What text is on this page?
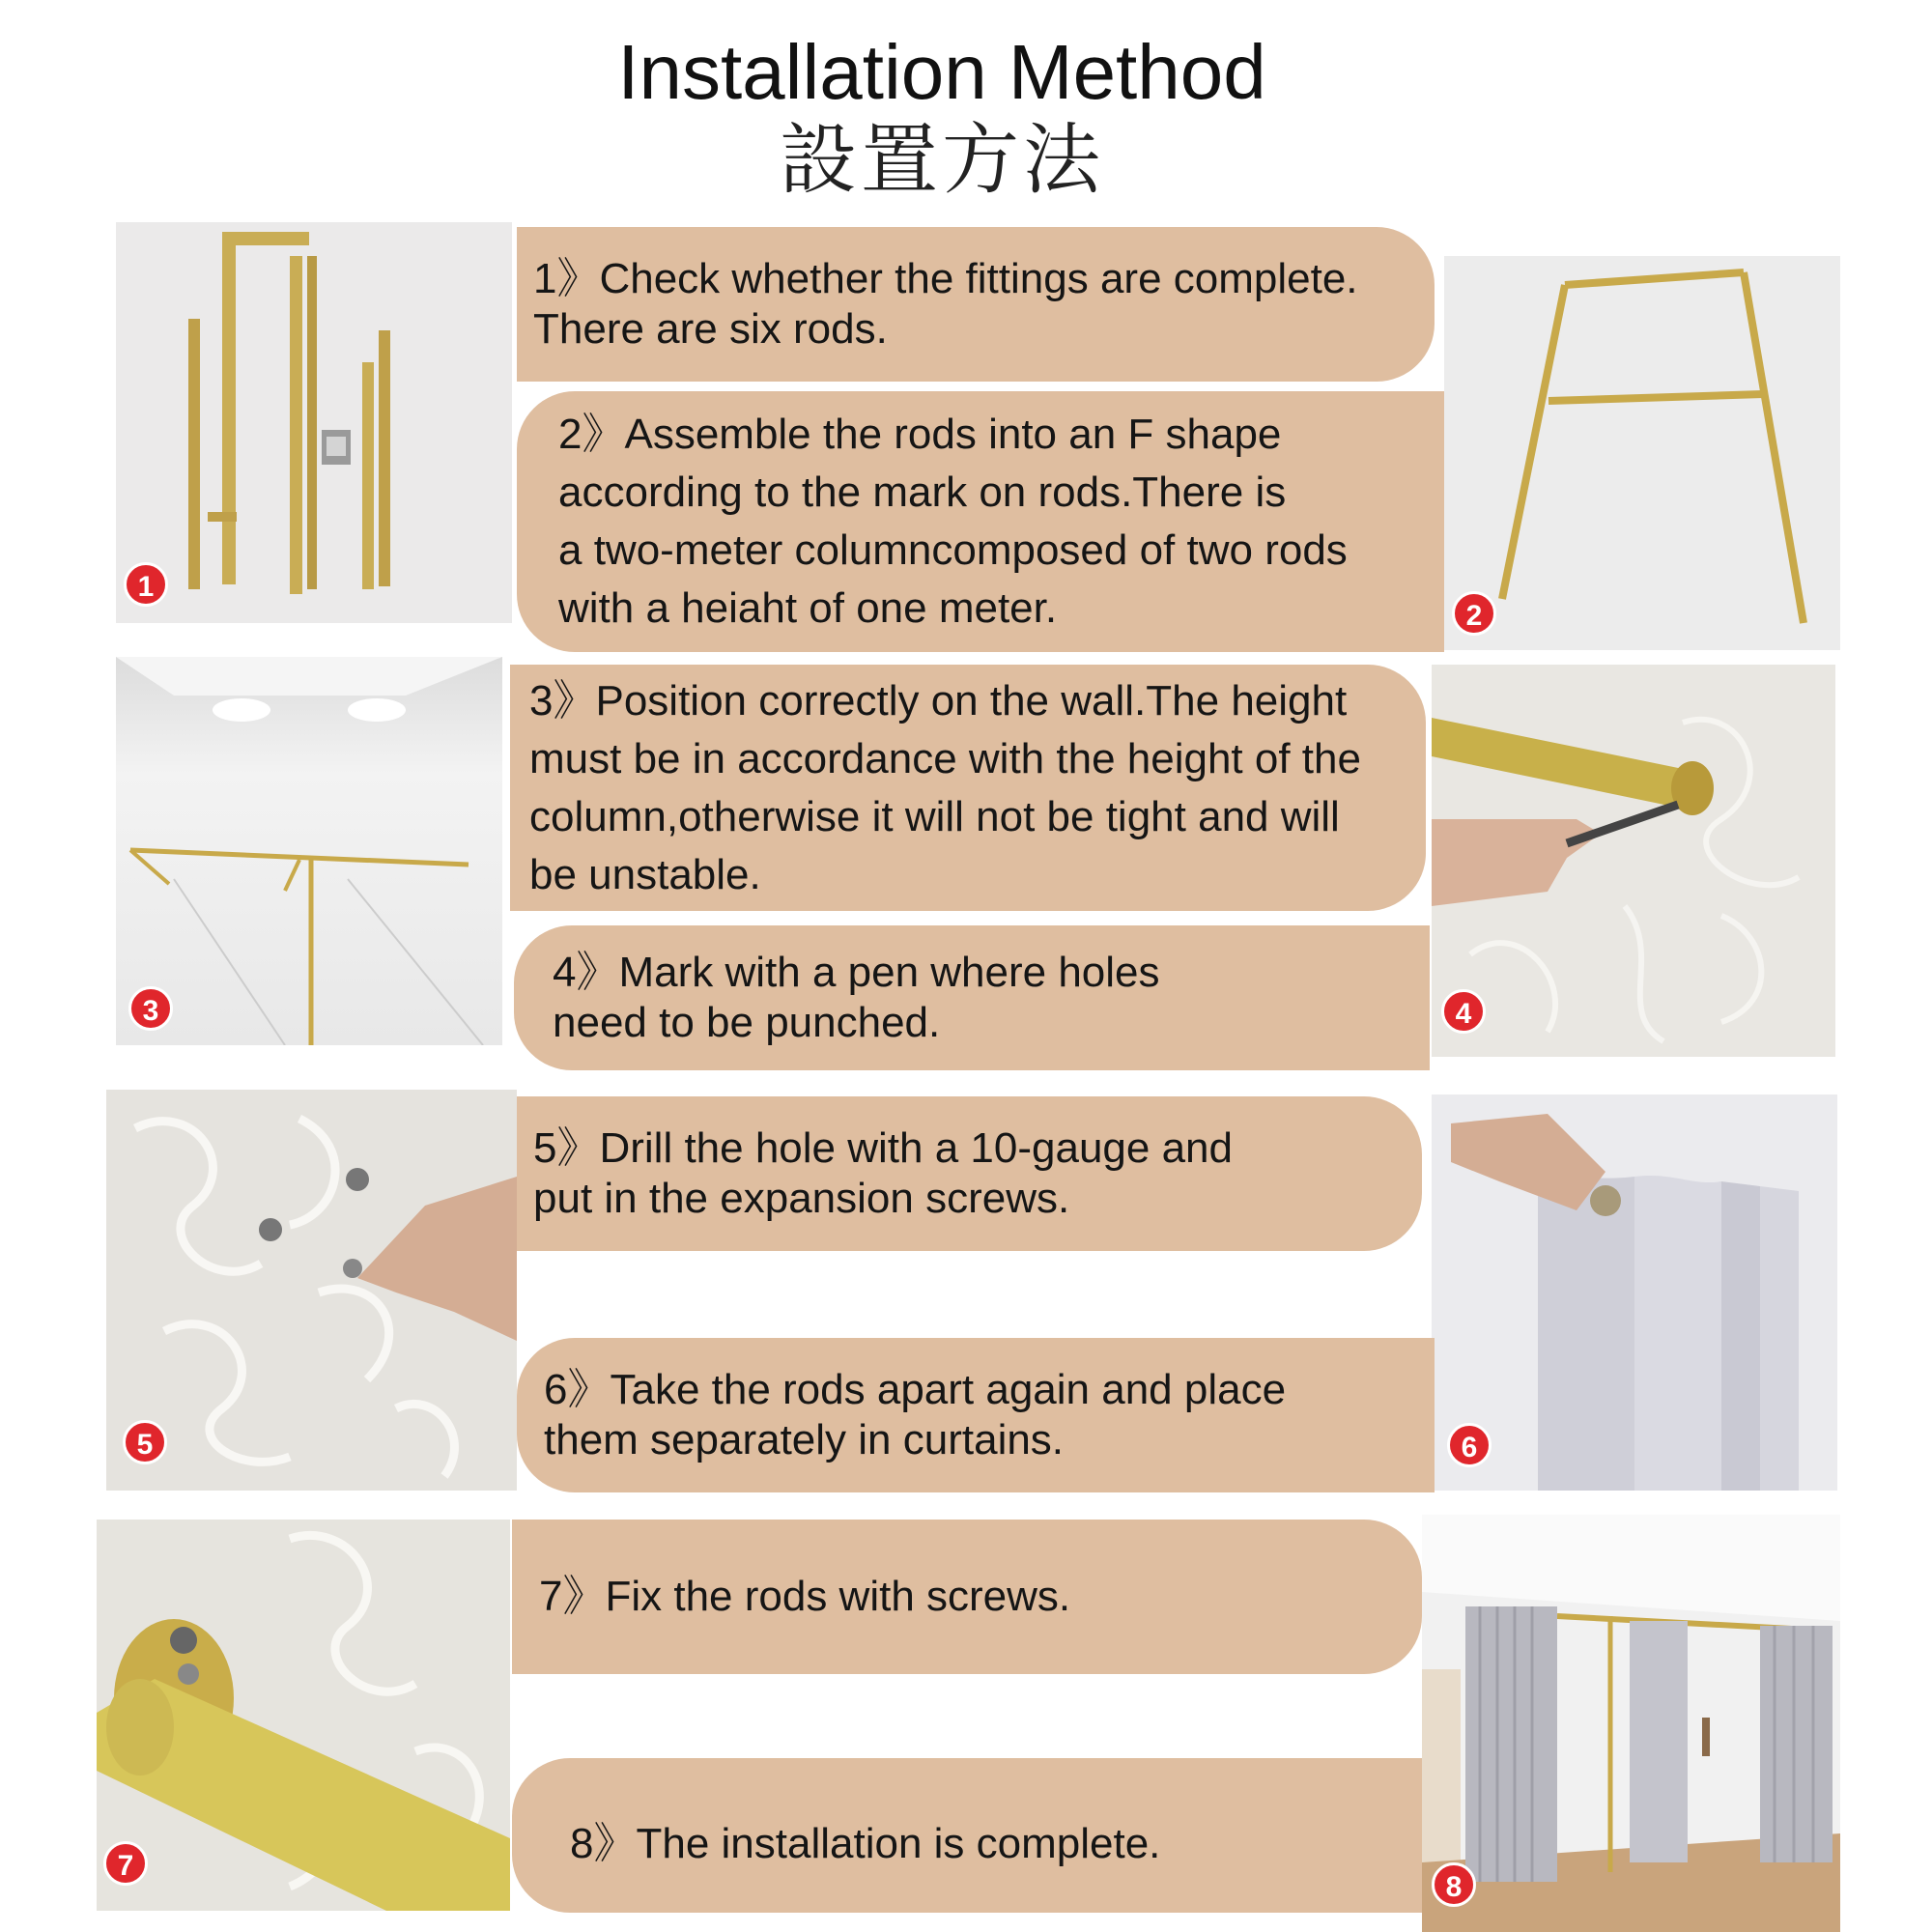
Installation Method
設置方法
1
2
3	4
5	6
7
8
1》Check whether the fittings are complete.
There are six rods.
2》Assemble the rods into an F shape
according to the mark on rods.There is
a two-meter columncomposed of two rods
with a heiaht of one meter.
3》Position correctly on the wall.The height
must be in accordance with the height of the
column,otherwise it will not be tight and will
be unstable.
4》Mark with a pen where holes
need to be punched.
5》Drill the hole with a 10-gauge and
put in the expansion screws.
6》Take the rods apart again and place
them separately in curtains.
7》Fix the rods with screws.
8》The installation is complete.
